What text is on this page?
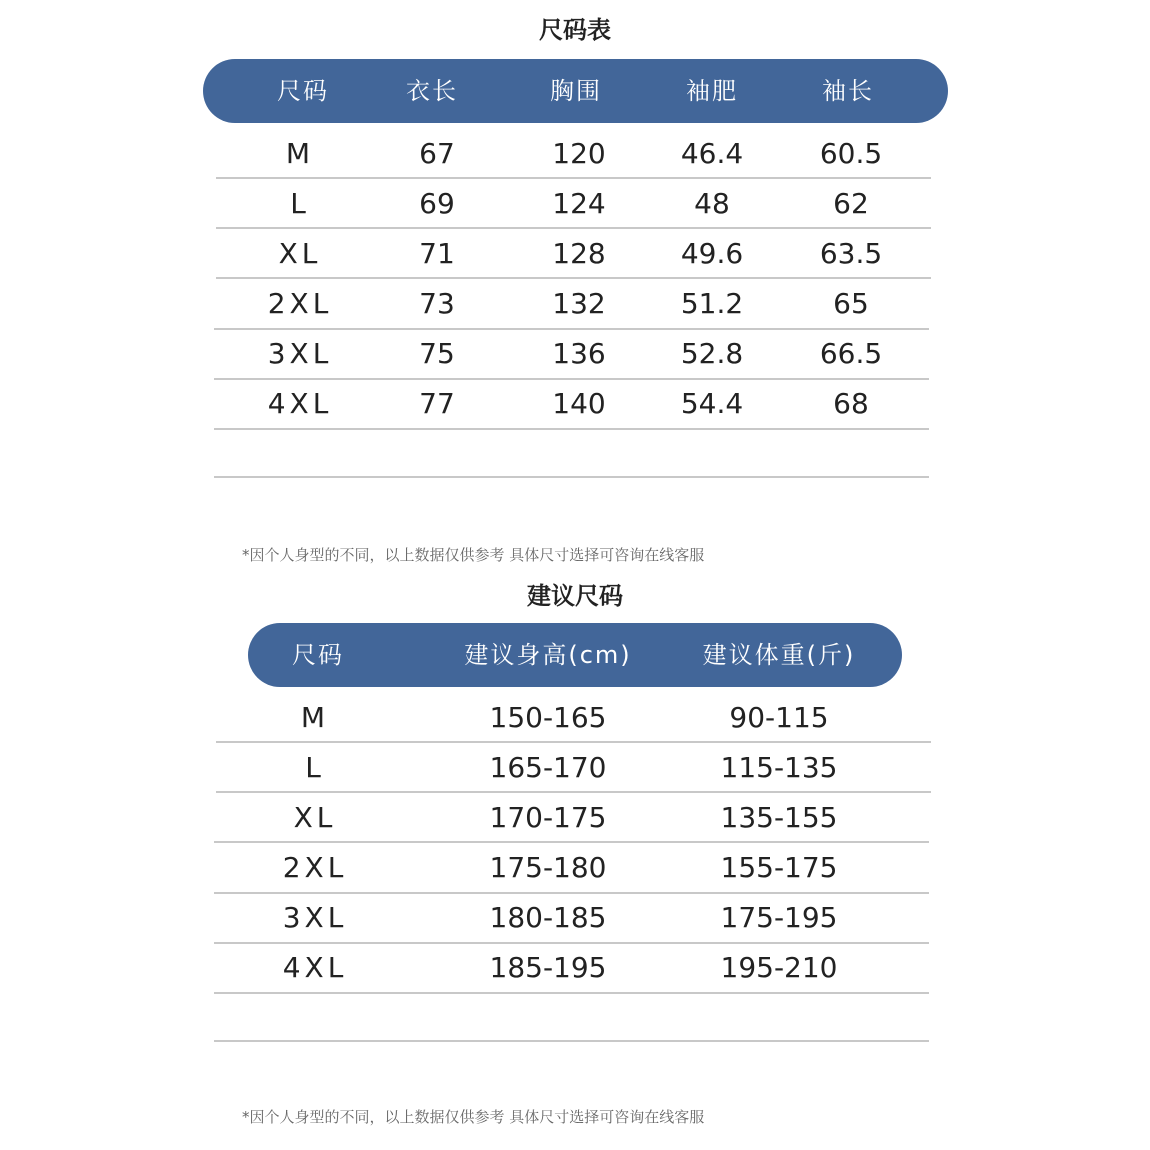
尺码表
尺码	衣长	胸围	袖肥	袖长
M	67	120	46.4	60.5
L	69	124	48	62
XL	71	128	49.6	63.5
2XL	73	132	51.2	65
3XL	75	136	52.8	66.5
4XL	77	140	54.4	68
*因个人身型的不同，以上数据仅供参考 具体尺寸选择可咨询在线客服
建议尺码
尺码	建议身高(cm)	建议体重(斤)
M	150-165	90-115
L	165-170	115-135
XL	170-175	135-155
2XL	175-180	155-175
3XL	180-185	175-195
4XL	185-195	195-210
*因个人身型的不同，以上数据仅供参考 具体尺寸选择可咨询在线客服
